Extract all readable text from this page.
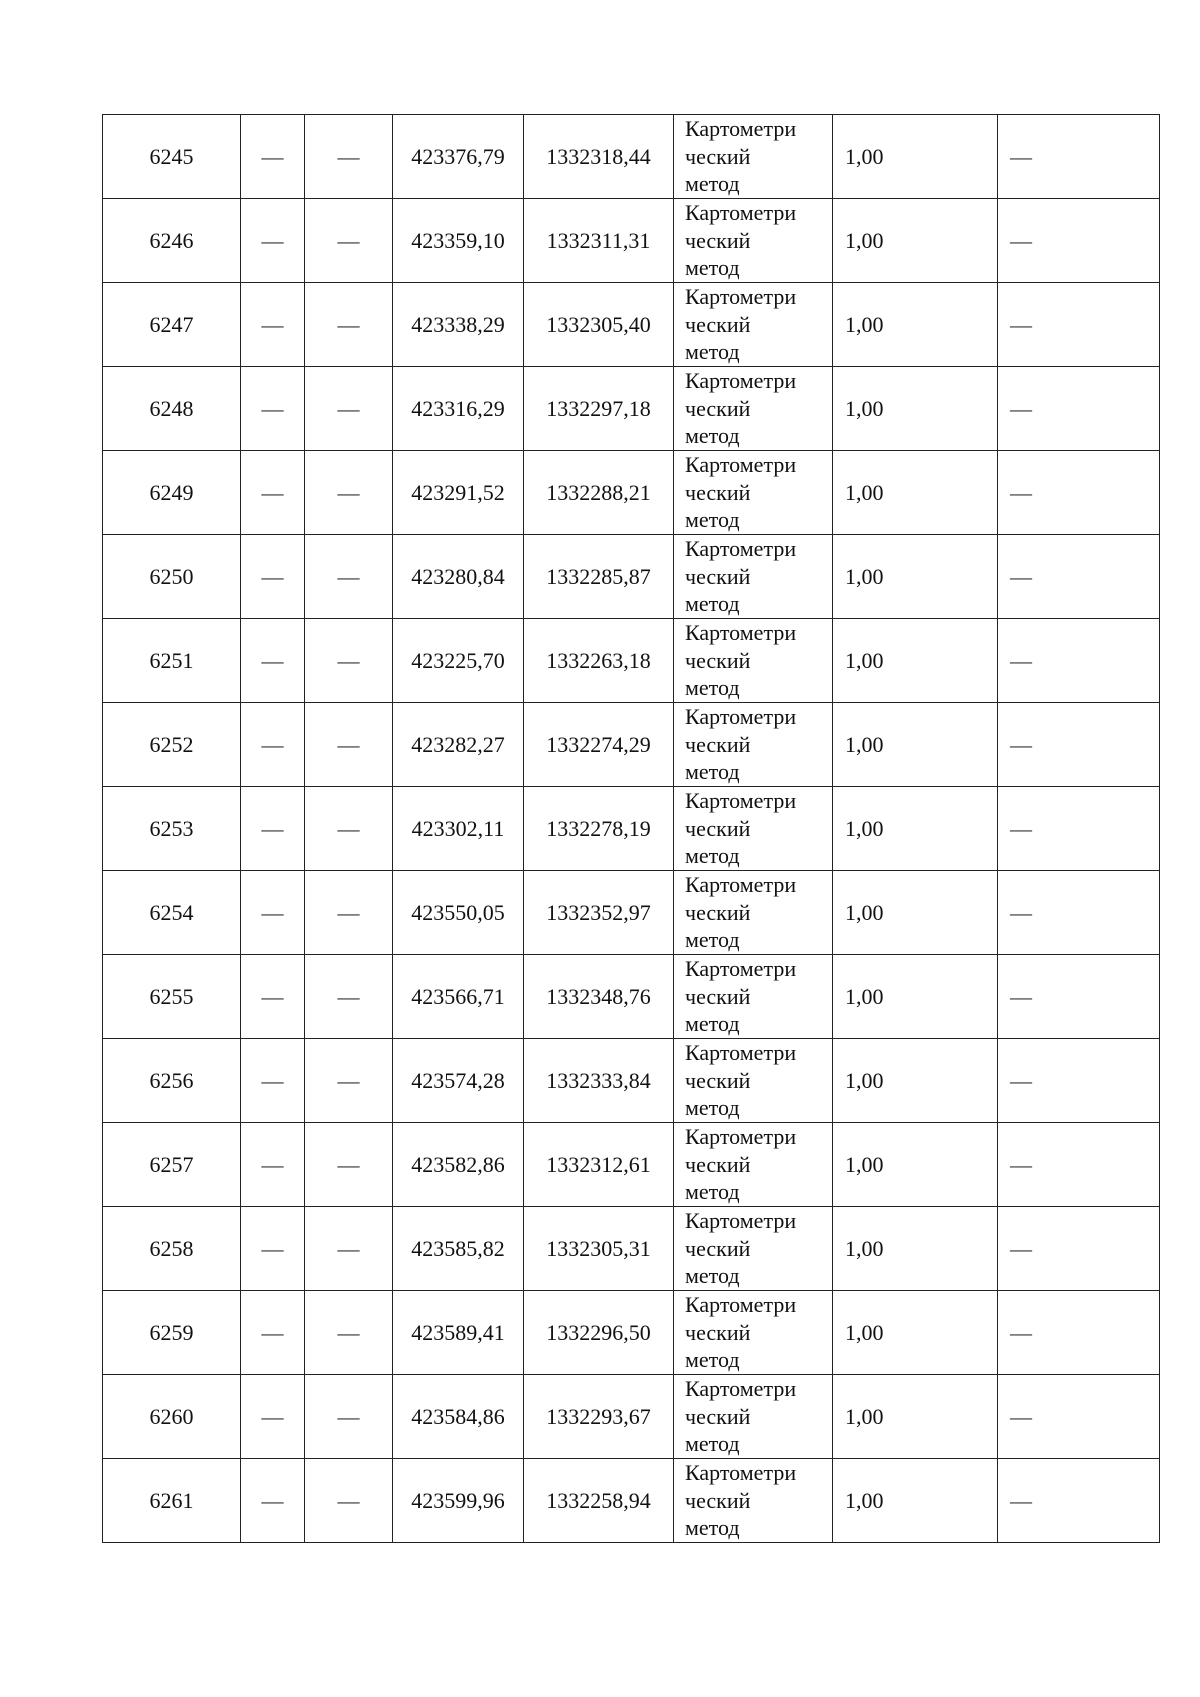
6245	—	—	423376,79	1332318,44	Картометри
ческий
метод	1,00	—
6246	—	—	423359,10	1332311,31	Картометри
ческий
метод	1,00	—
6247	—	—	423338,29	1332305,40	Картометри
ческий
метод	1,00	—
6248	—	—	423316,29	1332297,18	Картометри
ческий
метод	1,00	—
6249	—	—	423291,52	1332288,21	Картометри
ческий
метод	1,00	—
6250	—	—	423280,84	1332285,87	Картометри
ческий
метод	1,00	—
6251	—	—	423225,70	1332263,18	Картометри
ческий
метод	1,00	—
6252	—	—	423282,27	1332274,29	Картометри
ческий
метод	1,00	—
6253	—	—	423302,11	1332278,19	Картометри
ческий
метод	1,00	—
6254	—	—	423550,05	1332352,97	Картометри
ческий
метод	1,00	—
6255	—	—	423566,71	1332348,76	Картометри
ческий
метод	1,00	—
6256	—	—	423574,28	1332333,84	Картометри
ческий
метод	1,00	—
6257	—	—	423582,86	1332312,61	Картометри
ческий
метод	1,00	—
6258	—	—	423585,82	1332305,31	Картометри
ческий
метод	1,00	—
6259	—	—	423589,41	1332296,50	Картометри
ческий
метод	1,00	—
6260	—	—	423584,86	1332293,67	Картометри
ческий
метод	1,00	—
6261	—	—	423599,96	1332258,94	Картометри
ческий
метод	1,00	—
